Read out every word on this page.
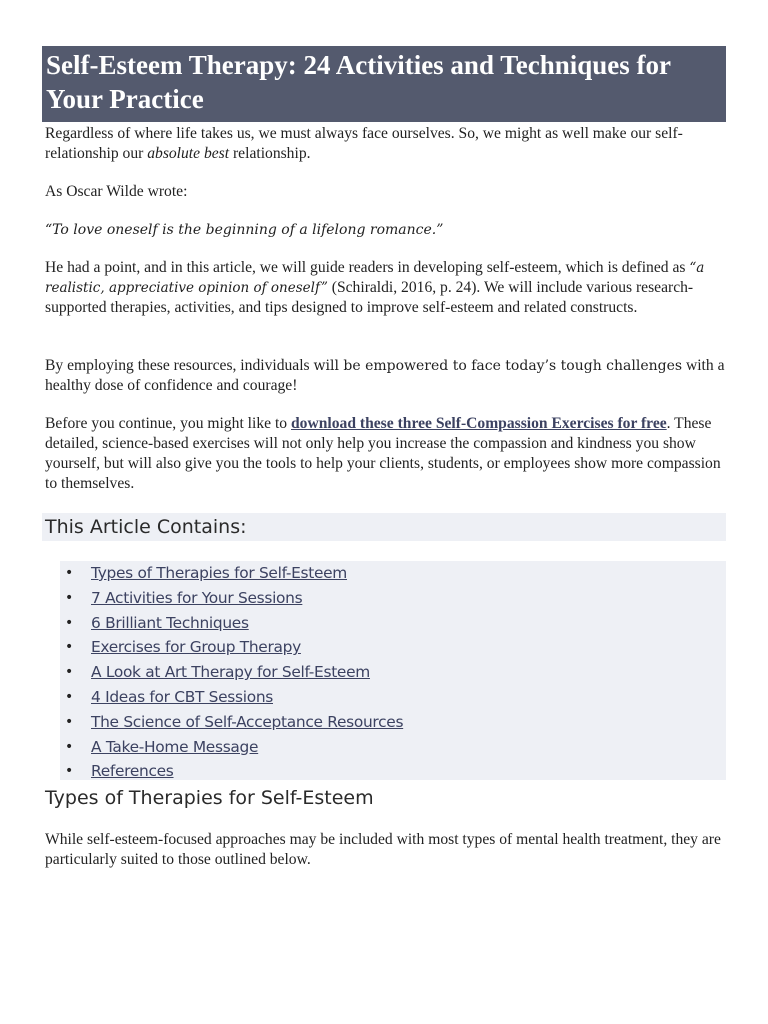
Self-Esteem Therapy: 24 Activities and Techniques for Your Practice

Regardless of where life takes us, we must always face ourselves. So, we might as well make our self-relationship our absolute best relationship.

As Oscar Wilde wrote:

“To love oneself is the beginning of a lifelong romance.”

He had a point, and in this article, we will guide readers in developing self-esteem, which is defined as “a realistic, appreciative opinion of oneself” (Schiraldi, 2016, p. 24). We will include various research-supported therapies, activities, and tips designed to improve self-esteem and related constructs.

By employing these resources, individuals will be empowered to face today’s tough challenges with a healthy dose of confidence and courage!

Before you continue, you might like to download these three Self-Compassion Exercises for free. These detailed, science-based exercises will not only help you increase the compassion and kindness you show yourself, but will also give you the tools to help your clients, students, or employees show more compassion to themselves.

This Article Contains:
• Types of Therapies for Self-Esteem
• 7 Activities for Your Sessions
• 6 Brilliant Techniques
• Exercises for Group Therapy
• A Look at Art Therapy for Self-Esteem
• 4 Ideas for CBT Sessions
• The Science of Self-Acceptance Resources
• A Take-Home Message
• References
Types of Therapies for Self-Esteem

While self-esteem-focused approaches may be included with most types of mental health treatment, they are particularly suited to those outlined below.
